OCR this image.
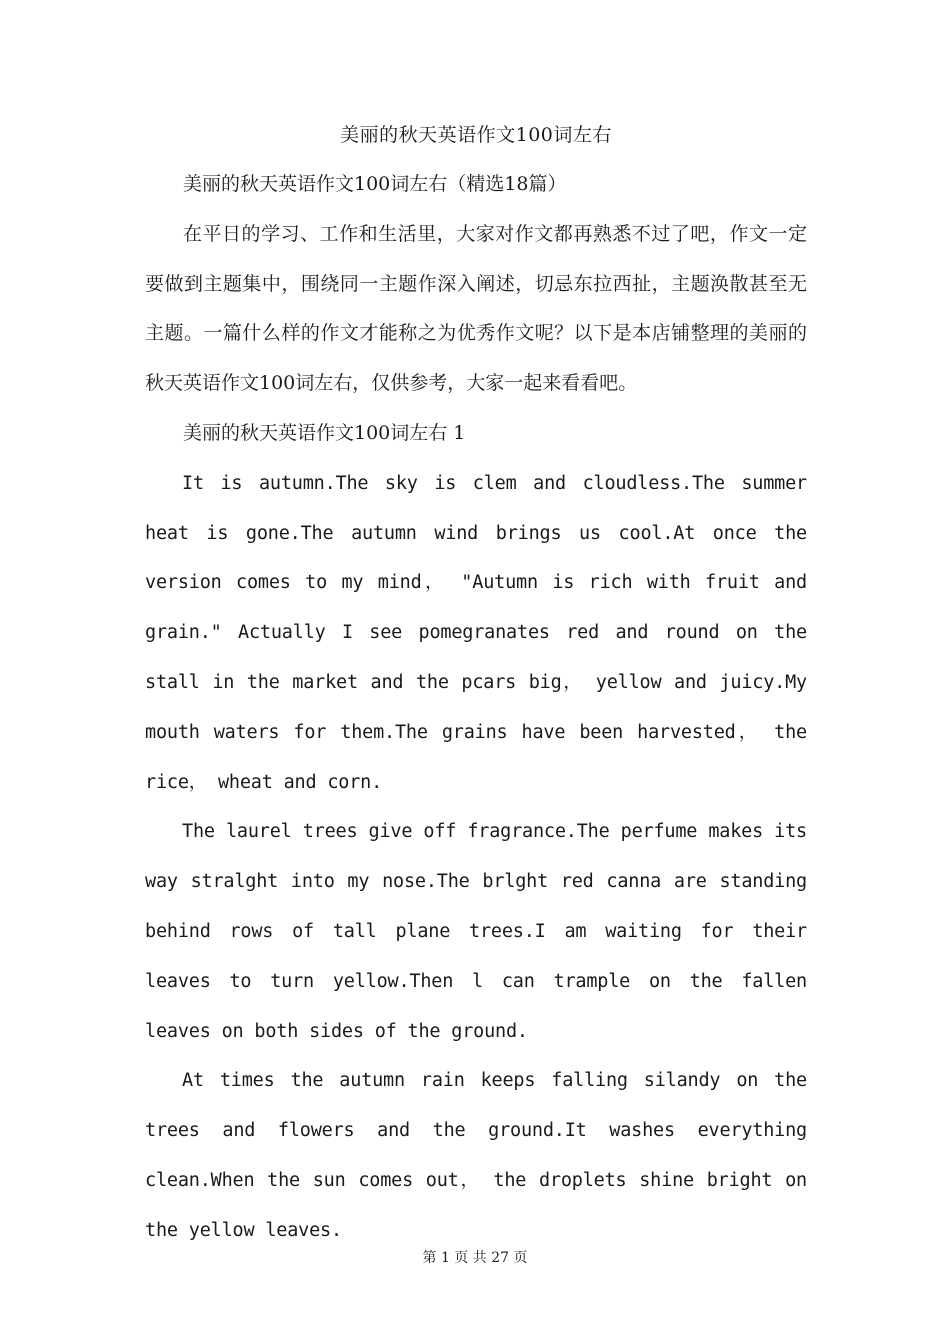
美丽的秋天英语作文100词左右

美丽的秋天英语作文100词左右（精选18篇）

在平日的学习、工作和生活里，大家对作文都再熟悉不过了吧，作文一定要做到主题集中，围绕同一主题作深入阐述，切忌东拉西扯，主题涣散甚至无主题。一篇什么样的作文才能称之为优秀作文呢？以下是本店铺整理的美丽的秋天英语作文100词左右，仅供参考，大家一起来看看吧。

美丽的秋天英语作文100词左右 1

It is autumn.The sky is clem and cloudless.The summer heat is gone.The autumn wind brings us cool.At once the version comes to my mind， "Autumn is rich with fruit and grain." Actually I see pomegranates red and round on the stall in the market and the pcars big， yellow and juicy.My mouth waters for them.The grains have been harvested， the rice， wheat and corn.

The laurel trees give off fragrance.The perfume makes its way stralght into my nose.The brlght red canna are standing behind rows of tall plane trees.I am waiting for their leaves to turn yellow.Then l can trample on the fallen leaves on both sides of the ground.

At times the autumn rain keeps falling silandy on the trees and flowers and the ground.It washes everything clean.When the sun comes out， the droplets shine bright on the yellow leaves.

第 1 页 共 27 页
